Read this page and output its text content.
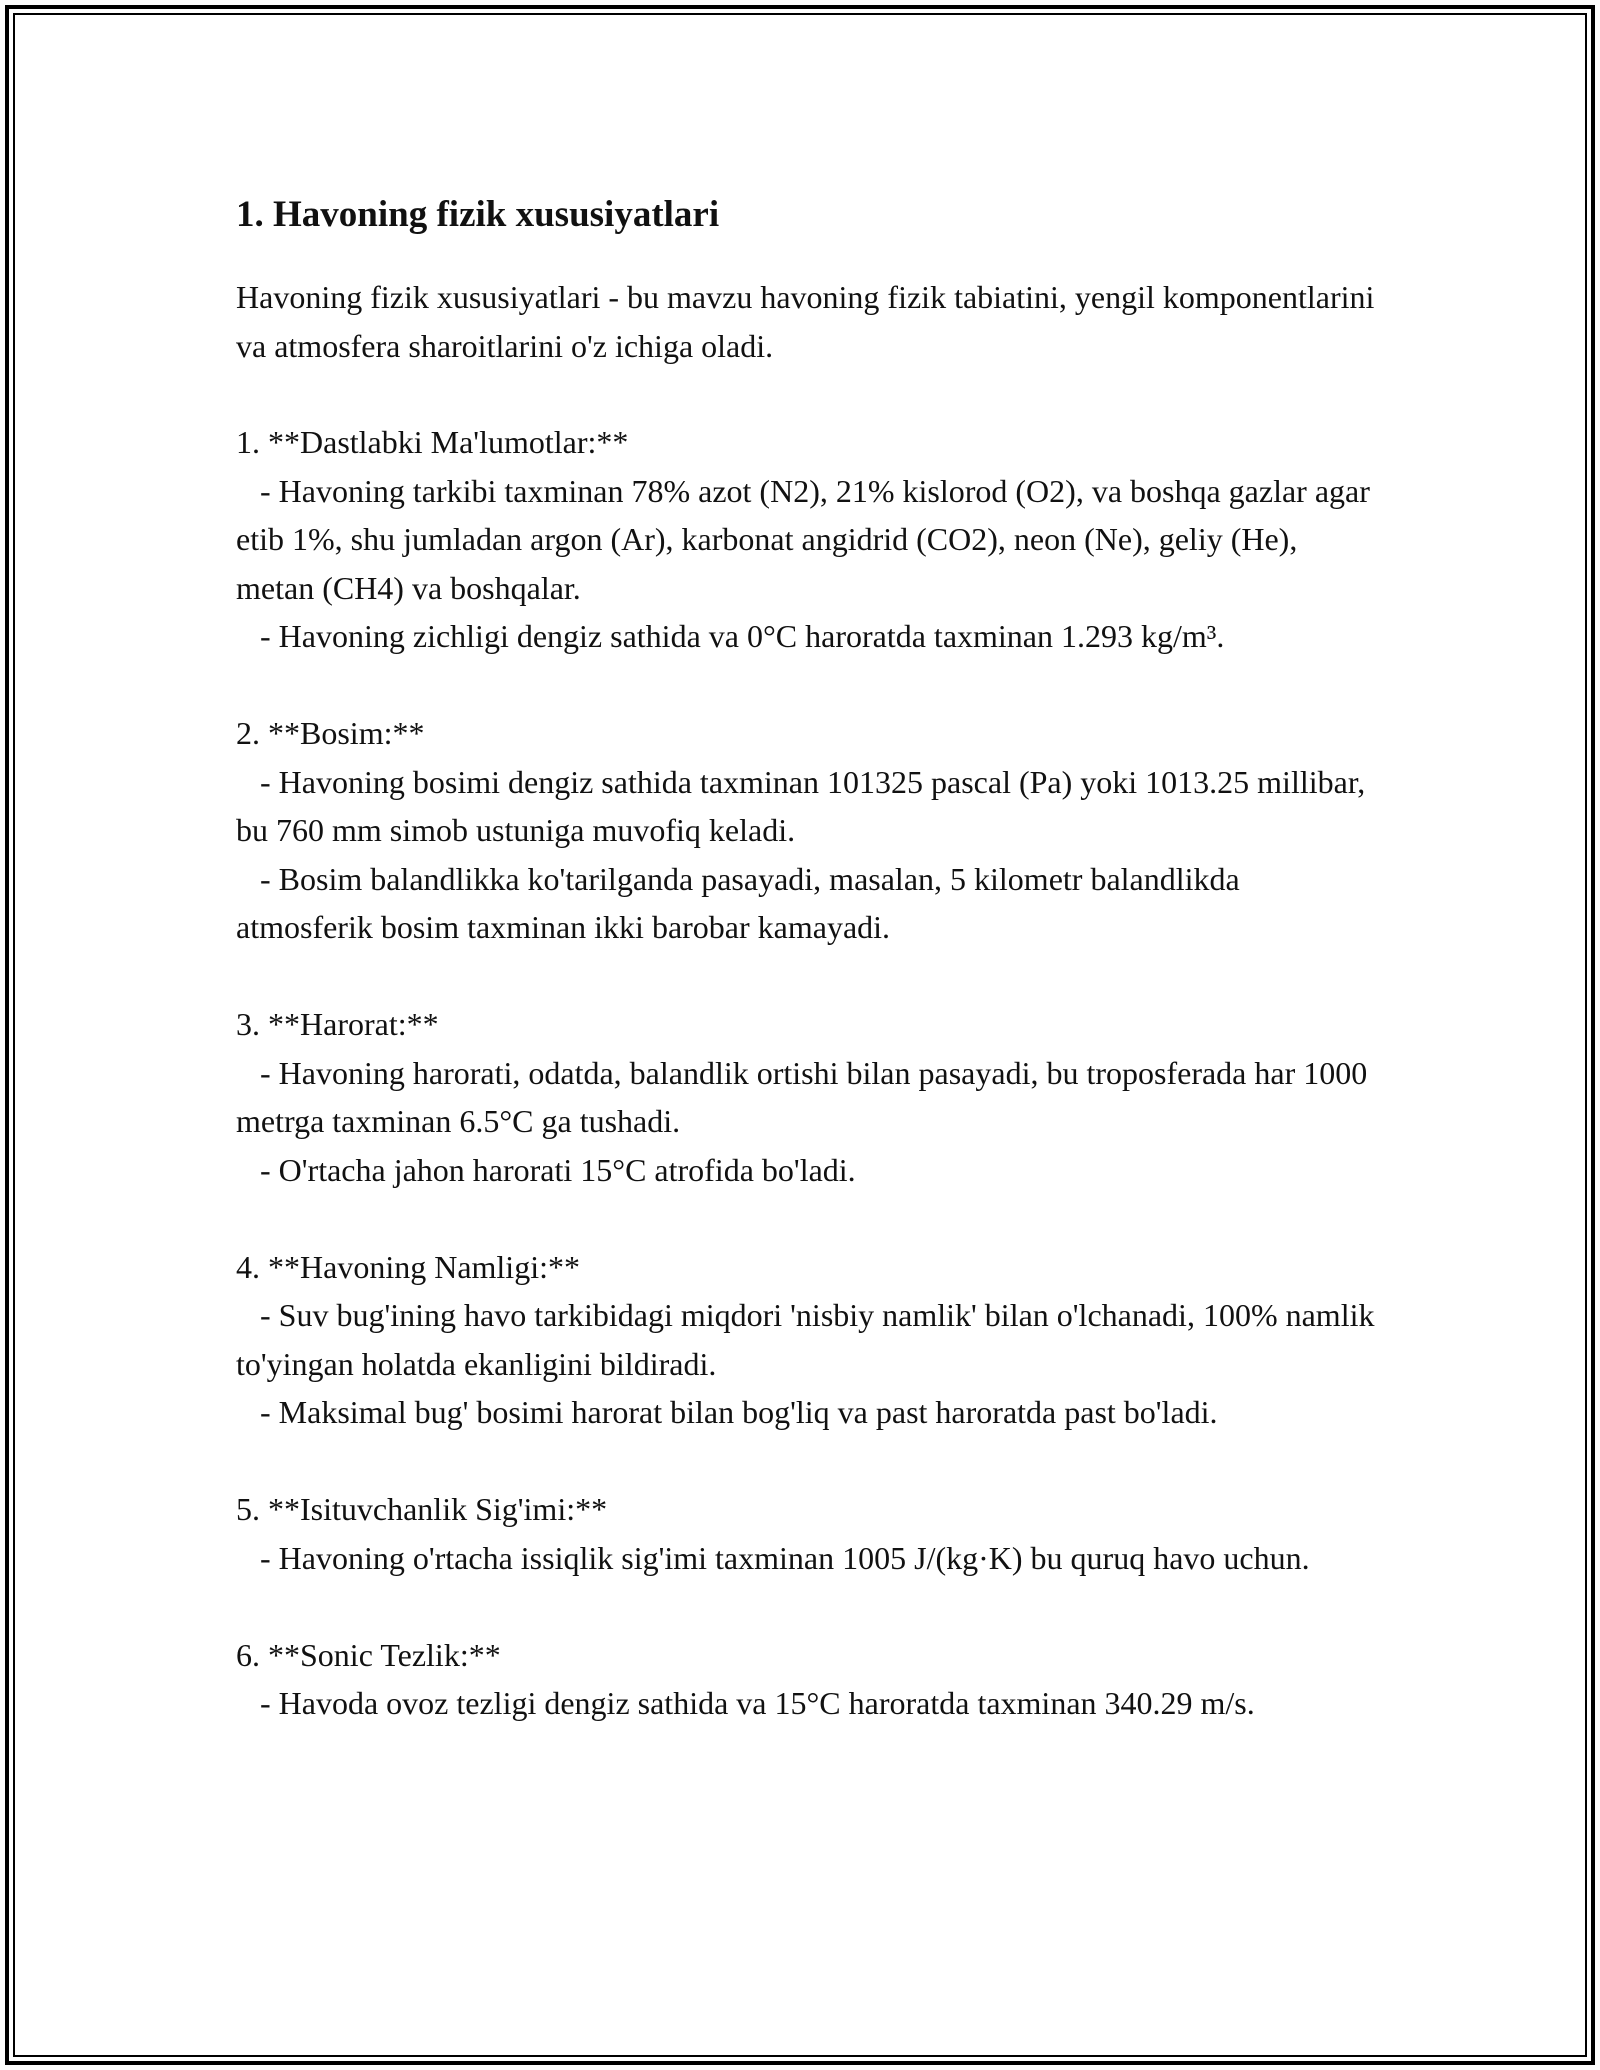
1. Havoning fizik xususiyatlari

Havoning fizik xususiyatlari - bu mavzu havoning fizik tabiatini, yengil komponentlarini va atmosfera sharoitlarini o'z ichiga oladi.

1. **Dastlabki Ma'lumotlar:**
- Havoning tarkibi taxminan 78% azot (N2), 21% kislorod (O2), va boshqa gazlar agar etib 1%, shu jumladan argon (Ar), karbonat angidrid (CO2), neon (Ne), geliy (He), metan (CH4) va boshqalar.
- Havoning zichligi dengiz sathida va 0°C haroratda taxminan 1.293 kg/m³.
2. **Bosim:**
- Havoning bosimi dengiz sathida taxminan 101325 pascal (Pa) yoki 1013.25 millibar, bu 760 mm simob ustuniga muvofiq keladi.
- Bosim balandlikka ko'tarilganda pasayadi, masalan, 5 kilometr balandlikda atmosferik bosim taxminan ikki barobar kamayadi.
3. **Harorat:**
- Havoning harorati, odatda, balandlik ortishi bilan pasayadi, bu troposferada har 1000 metrga taxminan 6.5°C ga tushadi.
- O'rtacha jahon harorati 15°C atrofida bo'ladi.
4. **Havoning Namligi:**
- Suv bug'ining havo tarkibidagi miqdori 'nisbiy namlik' bilan o'lchanadi, 100% namlik to'yingan holatda ekanligini bildiradi.
- Maksimal bug' bosimi harorat bilan bog'liq va past haroratda past bo'ladi.
5. **Isituvchanlik Sig'imi:**
- Havoning o'rtacha issiqlik sig'imi taxminan 1005 J/(kg·K) bu quruq havo uchun.
6. **Sonic Tezlik:**
- Havoda ovoz tezligi dengiz sathida va 15°C haroratda taxminan 340.29 m/s.
